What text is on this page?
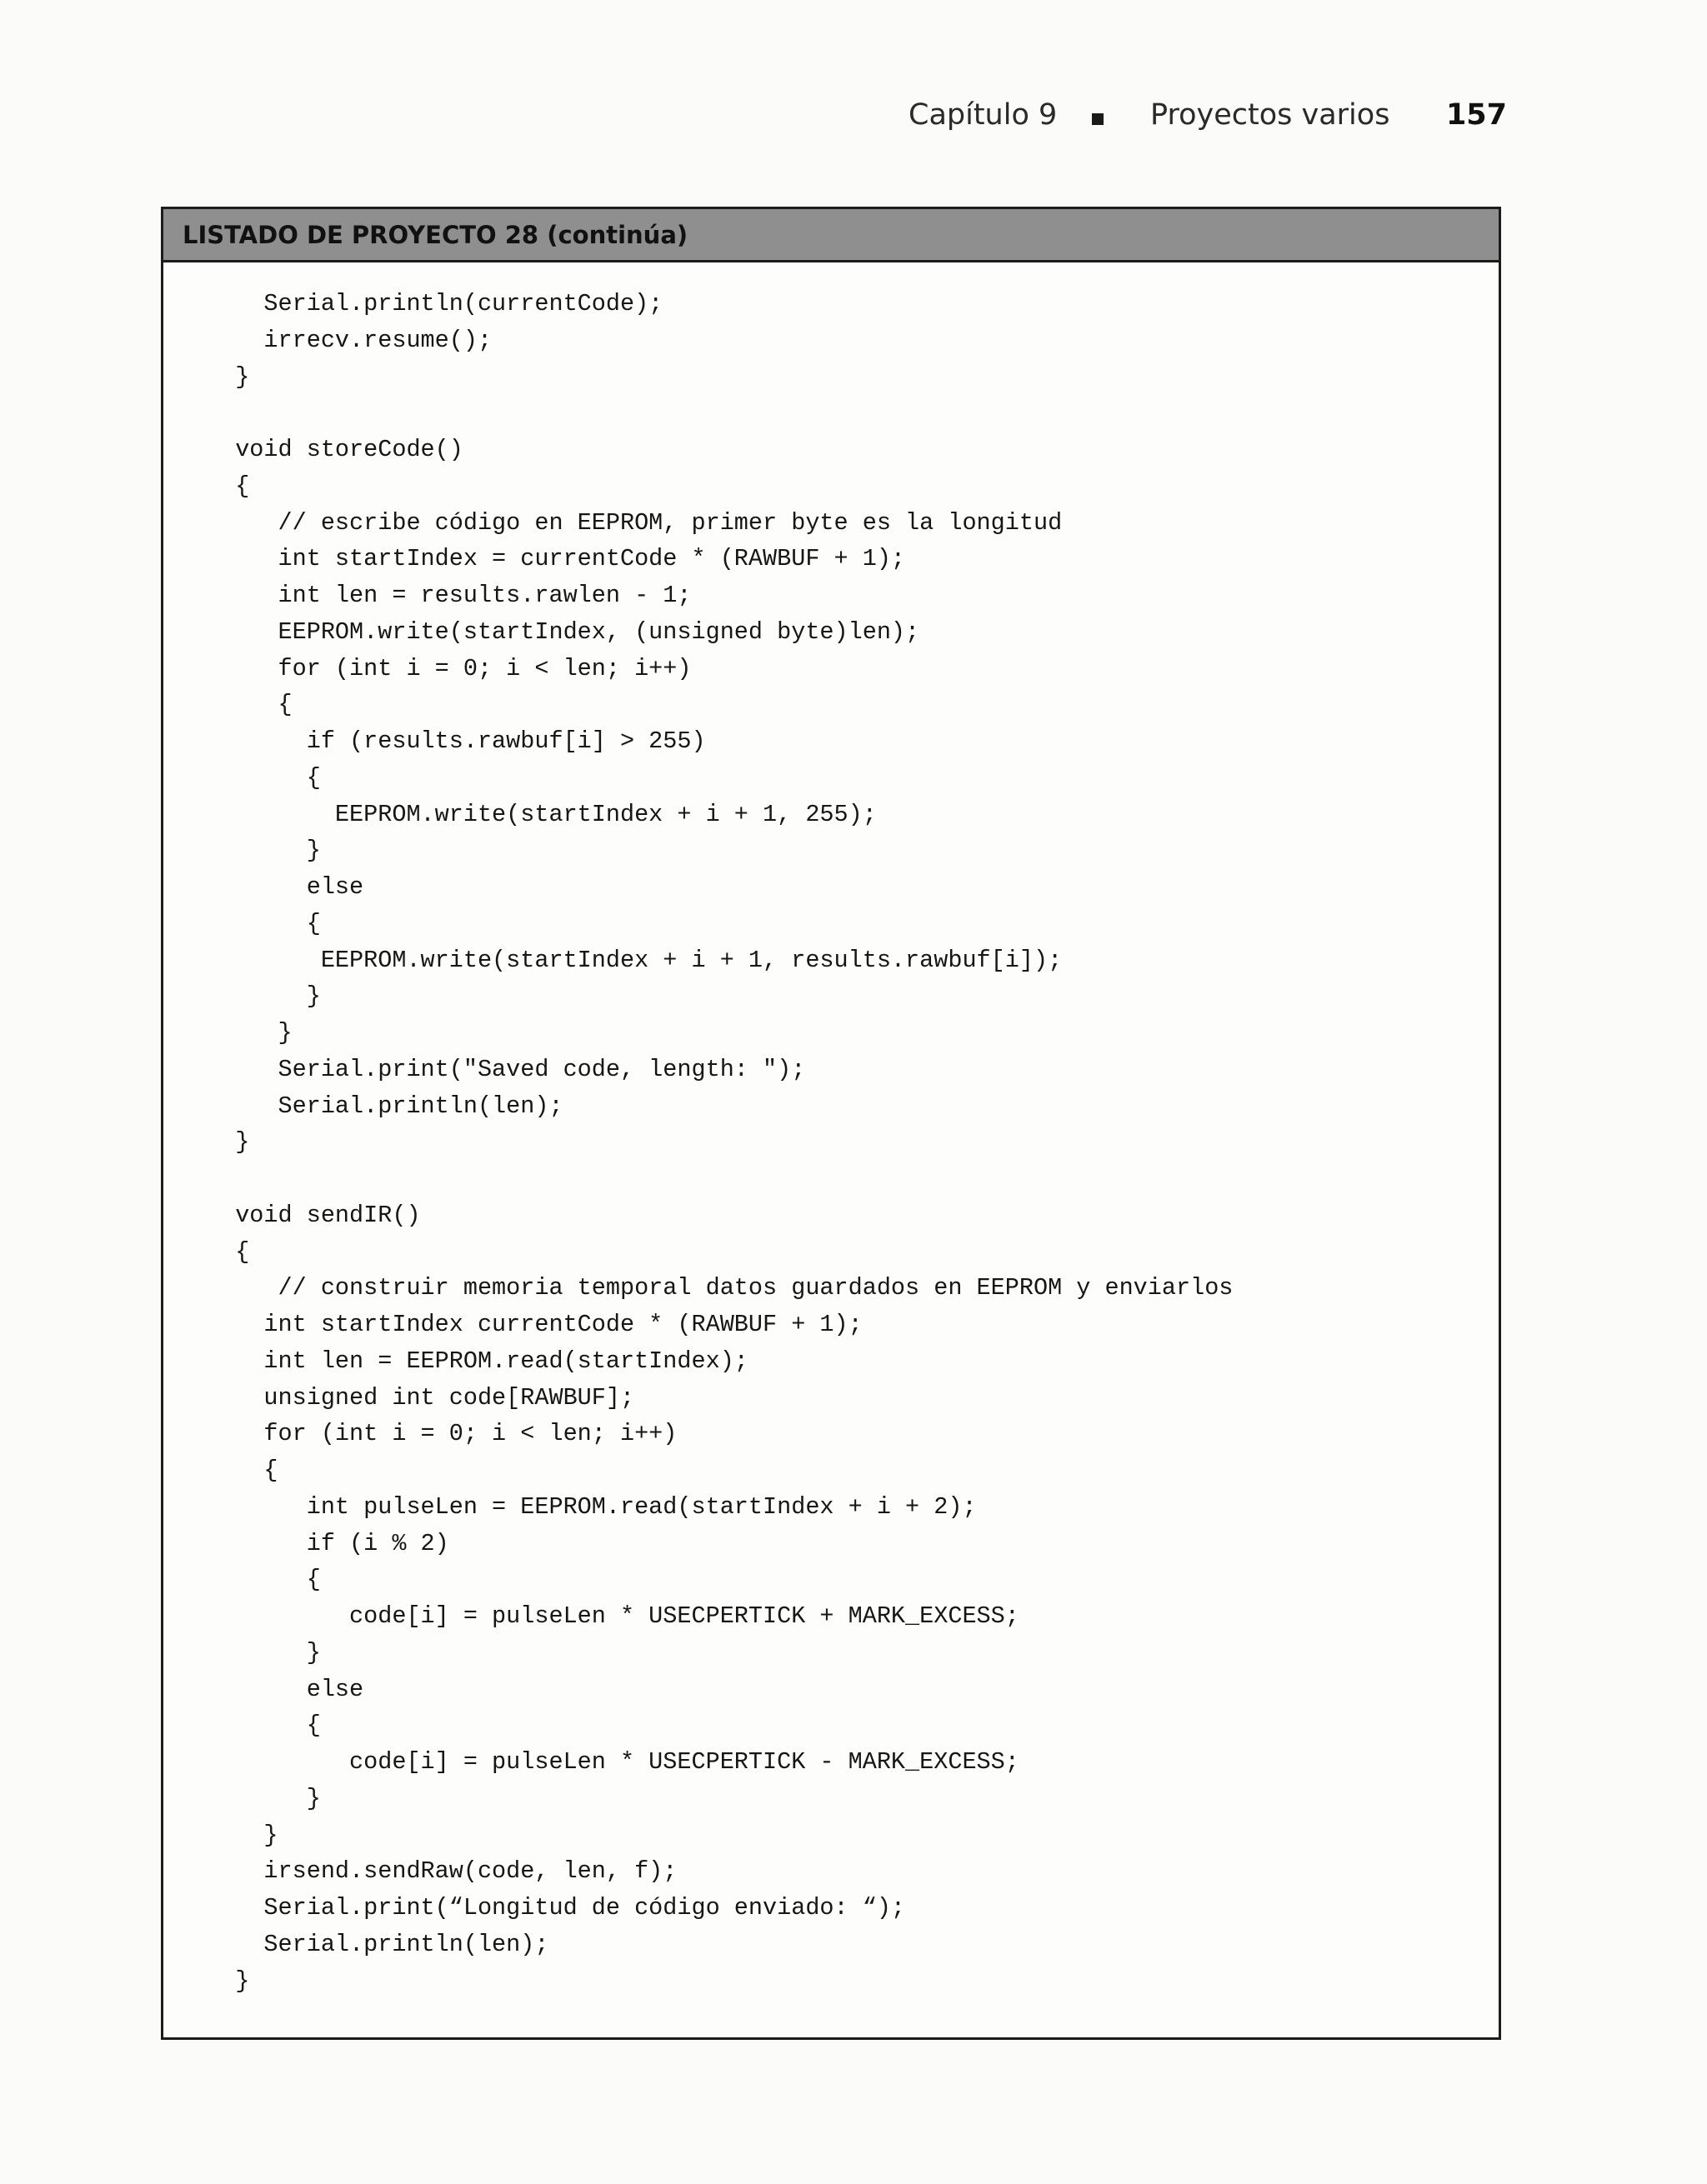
Capítulo 9	Proyectos varios 157
LISTADO DE PROYECTO 28 (continúa)
Serial.println(currentCode);
irrecv.resume();
}
void storeCode()
{
// escribe código en EEPROM, primer byte es la longitud
int startIndex = currentCode * (RAWBUF + 1);
int len = results.rawlen - 1;
EEPROM.write(startIndex, (unsigned byte)len);
for (int i = 0; i < len; i++)
{
if (results.rawbuf[i] > 255)
{
EEPROM.write(startIndex + i + 1, 255);
}
else
{
EEPROM.write(startIndex + i + 1, results.rawbuf[i]);
}
}
Serial.print("Saved code, length: ");
Serial.println(len);
}
void sendIR()
{
// construir memoria temporal datos guardados en EEPROM y enviarlos
int startIndex currentCode * (RAWBUF + 1);
int len = EEPROM.read(startIndex);
unsigned int code[RAWBUF];
for (int i = 0; i < len; i++)
{
int pulseLen = EEPROM.read(startIndex + i + 2);
if (i % 2)
{
code[i] = pulseLen * USECPERTICK + MARK_EXCESS;
}
else
{
code[i] = pulseLen * USECPERTICK - MARK_EXCESS;
}
}
irsend.sendRaw(code, len, f);
Serial.print(“Longitud de código enviado: “);
Serial.println(len);
}
